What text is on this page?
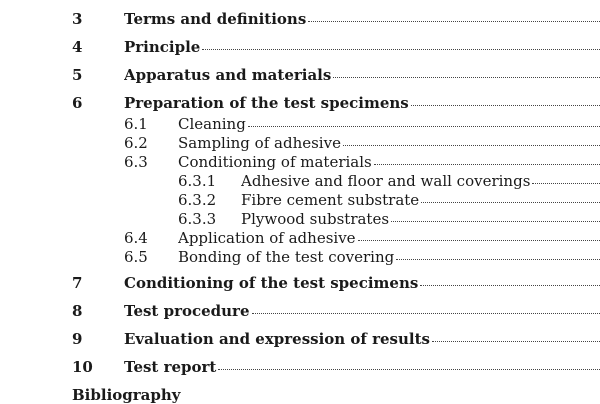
3	Terms and definitions
4	Principle
5	Apparatus and materials
6	Preparation of the test specimens
6.1 Cleaning
6.2 Sampling of adhesive
6.3 Conditioning of materials
6.3.1 Adhesive and floor and wall coverings
6.3.2 Fibre cement substrate
6.3.3 Plywood substrates
6.4 Application of adhesive
6.5 Bonding of the test covering
7	Conditioning of the test specimens
8	Test procedure
9	Evaluation and expression of results
10 Test report
Bibliography
